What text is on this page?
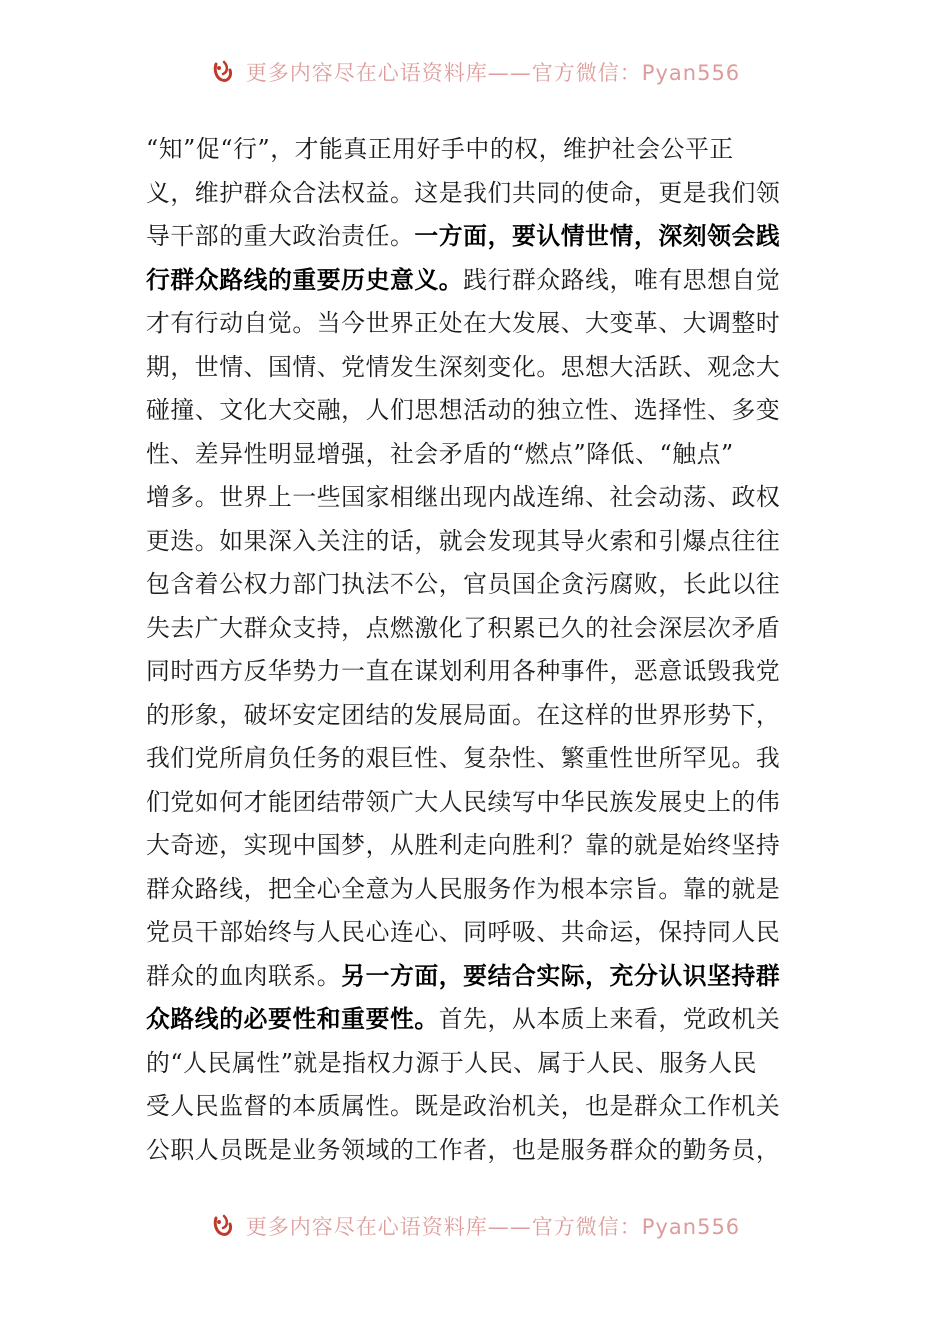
更多内容尽在心语资料库——官方微信：Pyan556
“知”促“行”，才能真正用好手中的权，维护社会公平正
义，维护群众合法权益。这是我们共同的使命，更是我们领
导干部的重大政治责任。一方面，要认情世情，深刻领会践
行群众路线的重要历史意义。践行群众路线，唯有思想自觉
才有行动自觉。当今世界正处在大发展、大变革、大调整时
期，世情、国情、党情发生深刻变化。思想大活跃、观念大
碰撞、文化大交融，人们思想活动的独立性、选择性、多变
性、差异性明显增强，社会矛盾的“燃点”降低、“触点”
增多。世界上一些国家相继出现内战连绵、社会动荡、政权
更迭。如果深入关注的话，就会发现其导火索和引爆点往往
包含着公权力部门执法不公，官员国企贪污腐败，长此以往
失去广大群众支持，点燃激化了积累已久的社会深层次矛盾
同时西方反华势力一直在谋划利用各种事件，恶意诋毁我党
的形象，破坏安定团结的发展局面。在这样的世界形势下，
我们党所肩负任务的艰巨性、复杂性、繁重性世所罕见。我
们党如何才能团结带领广大人民续写中华民族发展史上的伟
大奇迹，实现中国梦，从胜利走向胜利？靠的就是始终坚持
群众路线，把全心全意为人民服务作为根本宗旨。靠的就是
党员干部始终与人民心连心、同呼吸、共命运，保持同人民
群众的血肉联系。另一方面，要结合实际，充分认识坚持群
众路线的必要性和重要性。首先，从本质上来看，党政机关
的“人民属性”就是指权力源于人民、属于人民、服务人民
受人民监督的本质属性。既是政治机关，也是群众工作机关
公职人员既是业务领域的工作者，也是服务群众的勤务员，
更多内容尽在心语资料库——官方微信：Pyan556
